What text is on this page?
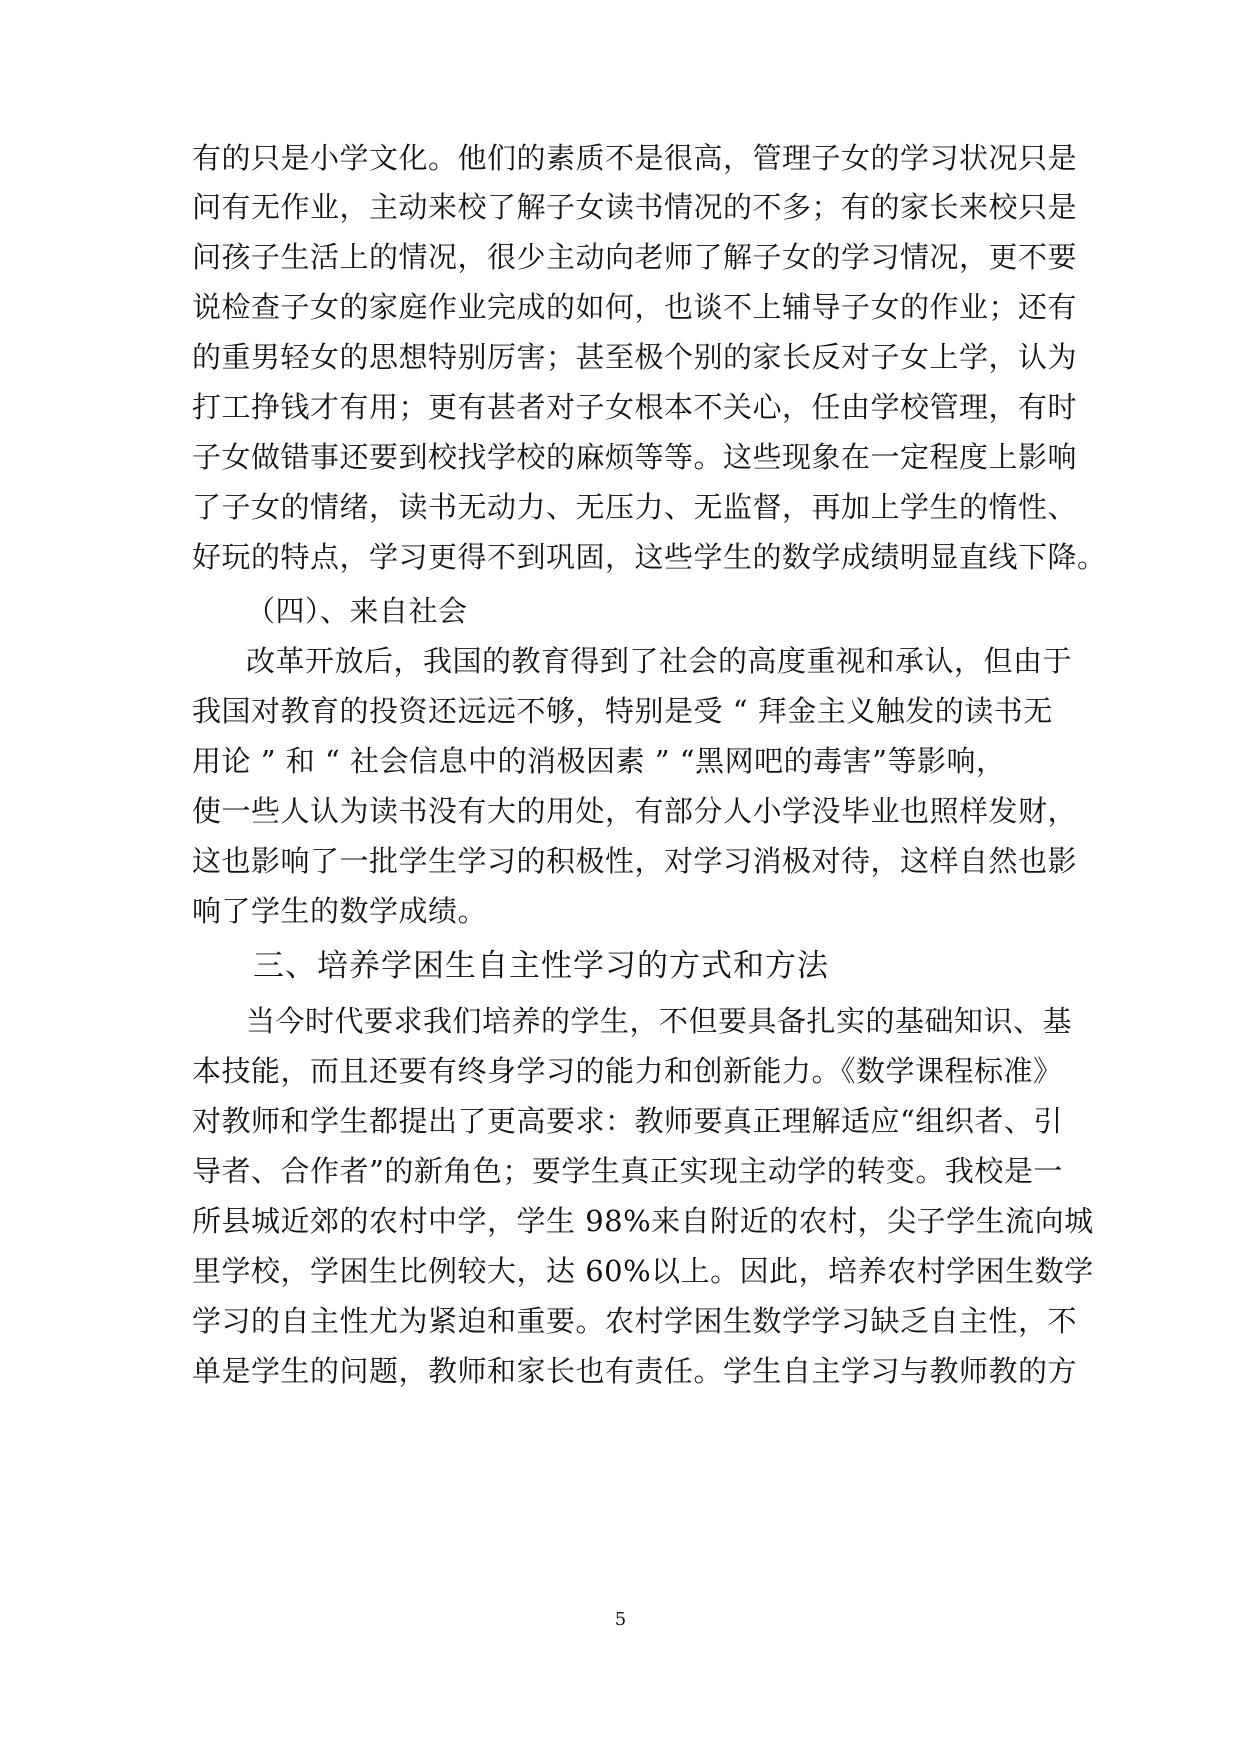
有的只是小学文化。他们的素质不是很高，管理子女的学习状况只是
问有无作业，主动来校了解子女读书情况的不多；有的家长来校只是
问孩子生活上的情况，很少主动向老师了解子女的学习情况，更不要
说检查子女的家庭作业完成的如何，也谈不上辅导子女的作业；还有
的重男轻女的思想特别厉害；甚至极个别的家长反对子女上学，认为
打工挣钱才有用；更有甚者对子女根本不关心，任由学校管理，有时
子女做错事还要到校找学校的麻烦等等。这些现象在一定程度上影响
了子女的情绪，读书无动力、无压力、无监督，再加上学生的惰性、
好玩的特点，学习更得不到巩固，这些学生的数学成绩明显直线下降。
（四）、来自社会
改革开放后，我国的教育得到了社会的高度重视和承认，但由于
我国对教育的投资还远远不够，特别是受 “ 拜金主义触发的读书无
用论 ” 和 “ 社会信息中的消极因素 ” “黑网吧的毒害”等影响，
使一些人认为读书没有大的用处，有部分人小学没毕业也照样发财，
这也影响了一批学生学习的积极性，对学习消极对待，这样自然也影
响了学生的数学成绩。
三、培养学困生自主性学习的方式和方法
当今时代要求我们培养的学生，不但要具备扎实的基础知识、基
本技能，而且还要有终身学习的能力和创新能力。《数学课程标准》
对教师和学生都提出了更高要求：教师要真正理解适应“组织者、引
导者、合作者”的新角色；要学生真正实现主动学的转变。我校是一
所县城近郊的农村中学，学生 98%来自附近的农村，尖子学生流向城
里学校，学困生比例较大，达 60%以上。因此，培养农村学困生数学
学习的自主性尤为紧迫和重要。农村学困生数学学习缺乏自主性，不
单是学生的问题，教师和家长也有责任。学生自主学习与教师教的方
5
